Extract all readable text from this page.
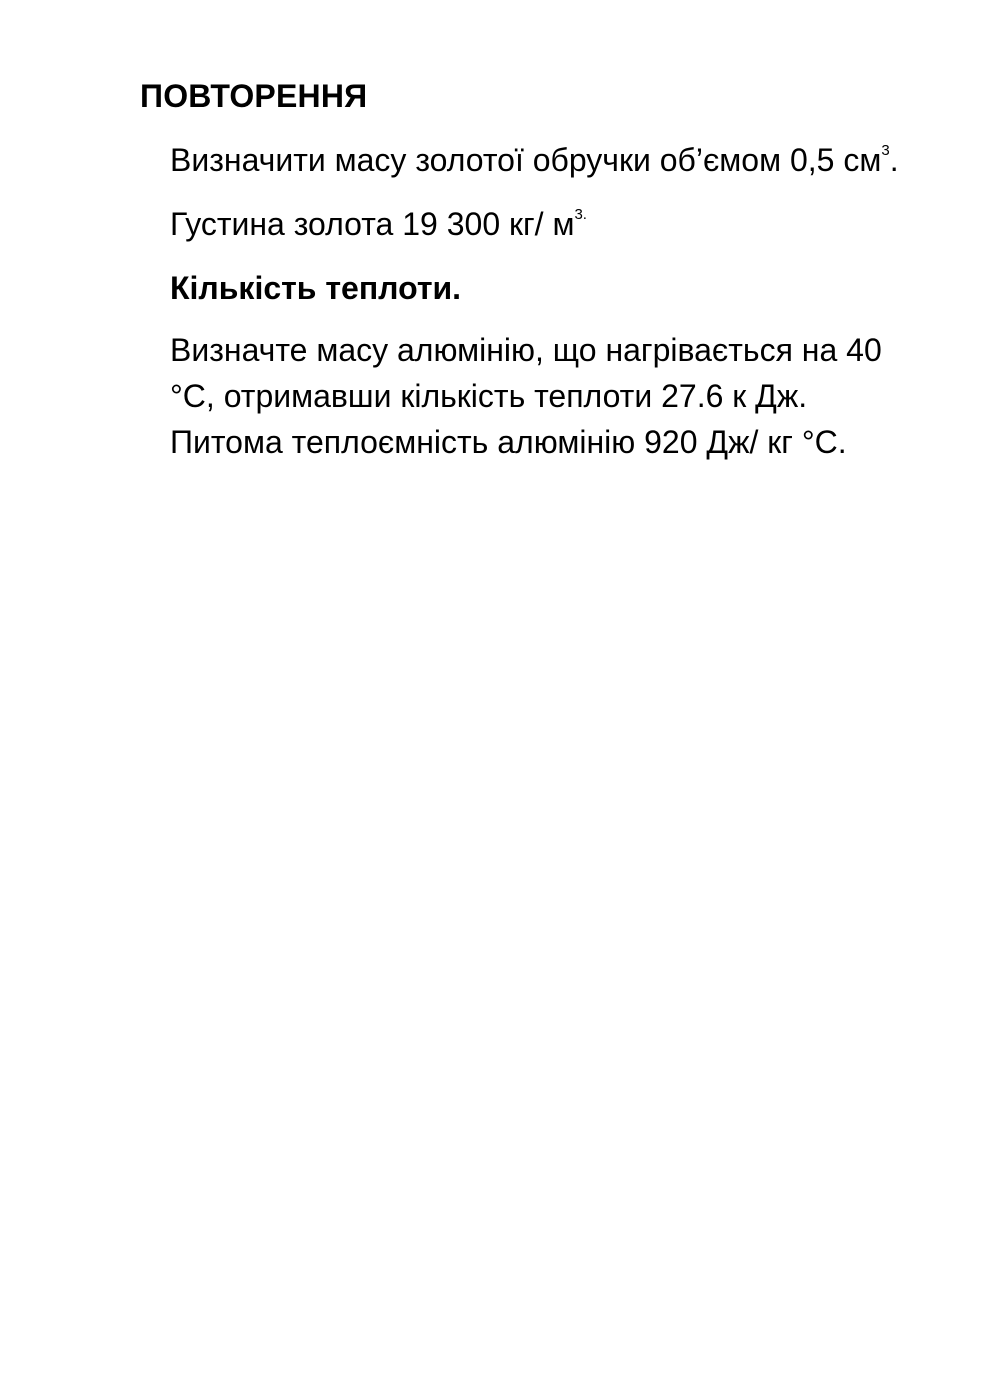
ПОВТОРЕННЯ
Визначити масу золотої обручки об’ємом 0,5 $см^3$.
Густина золота 19 300 кг/ $м^{3.}$
Кількість теплоти.
Визначте масу алюмінію, що нагрівається на 40
°С, отримавши кількість теплоти 27.6 к Дж.
Питома теплоємність алюмінію 920 Дж/ кг °С.
